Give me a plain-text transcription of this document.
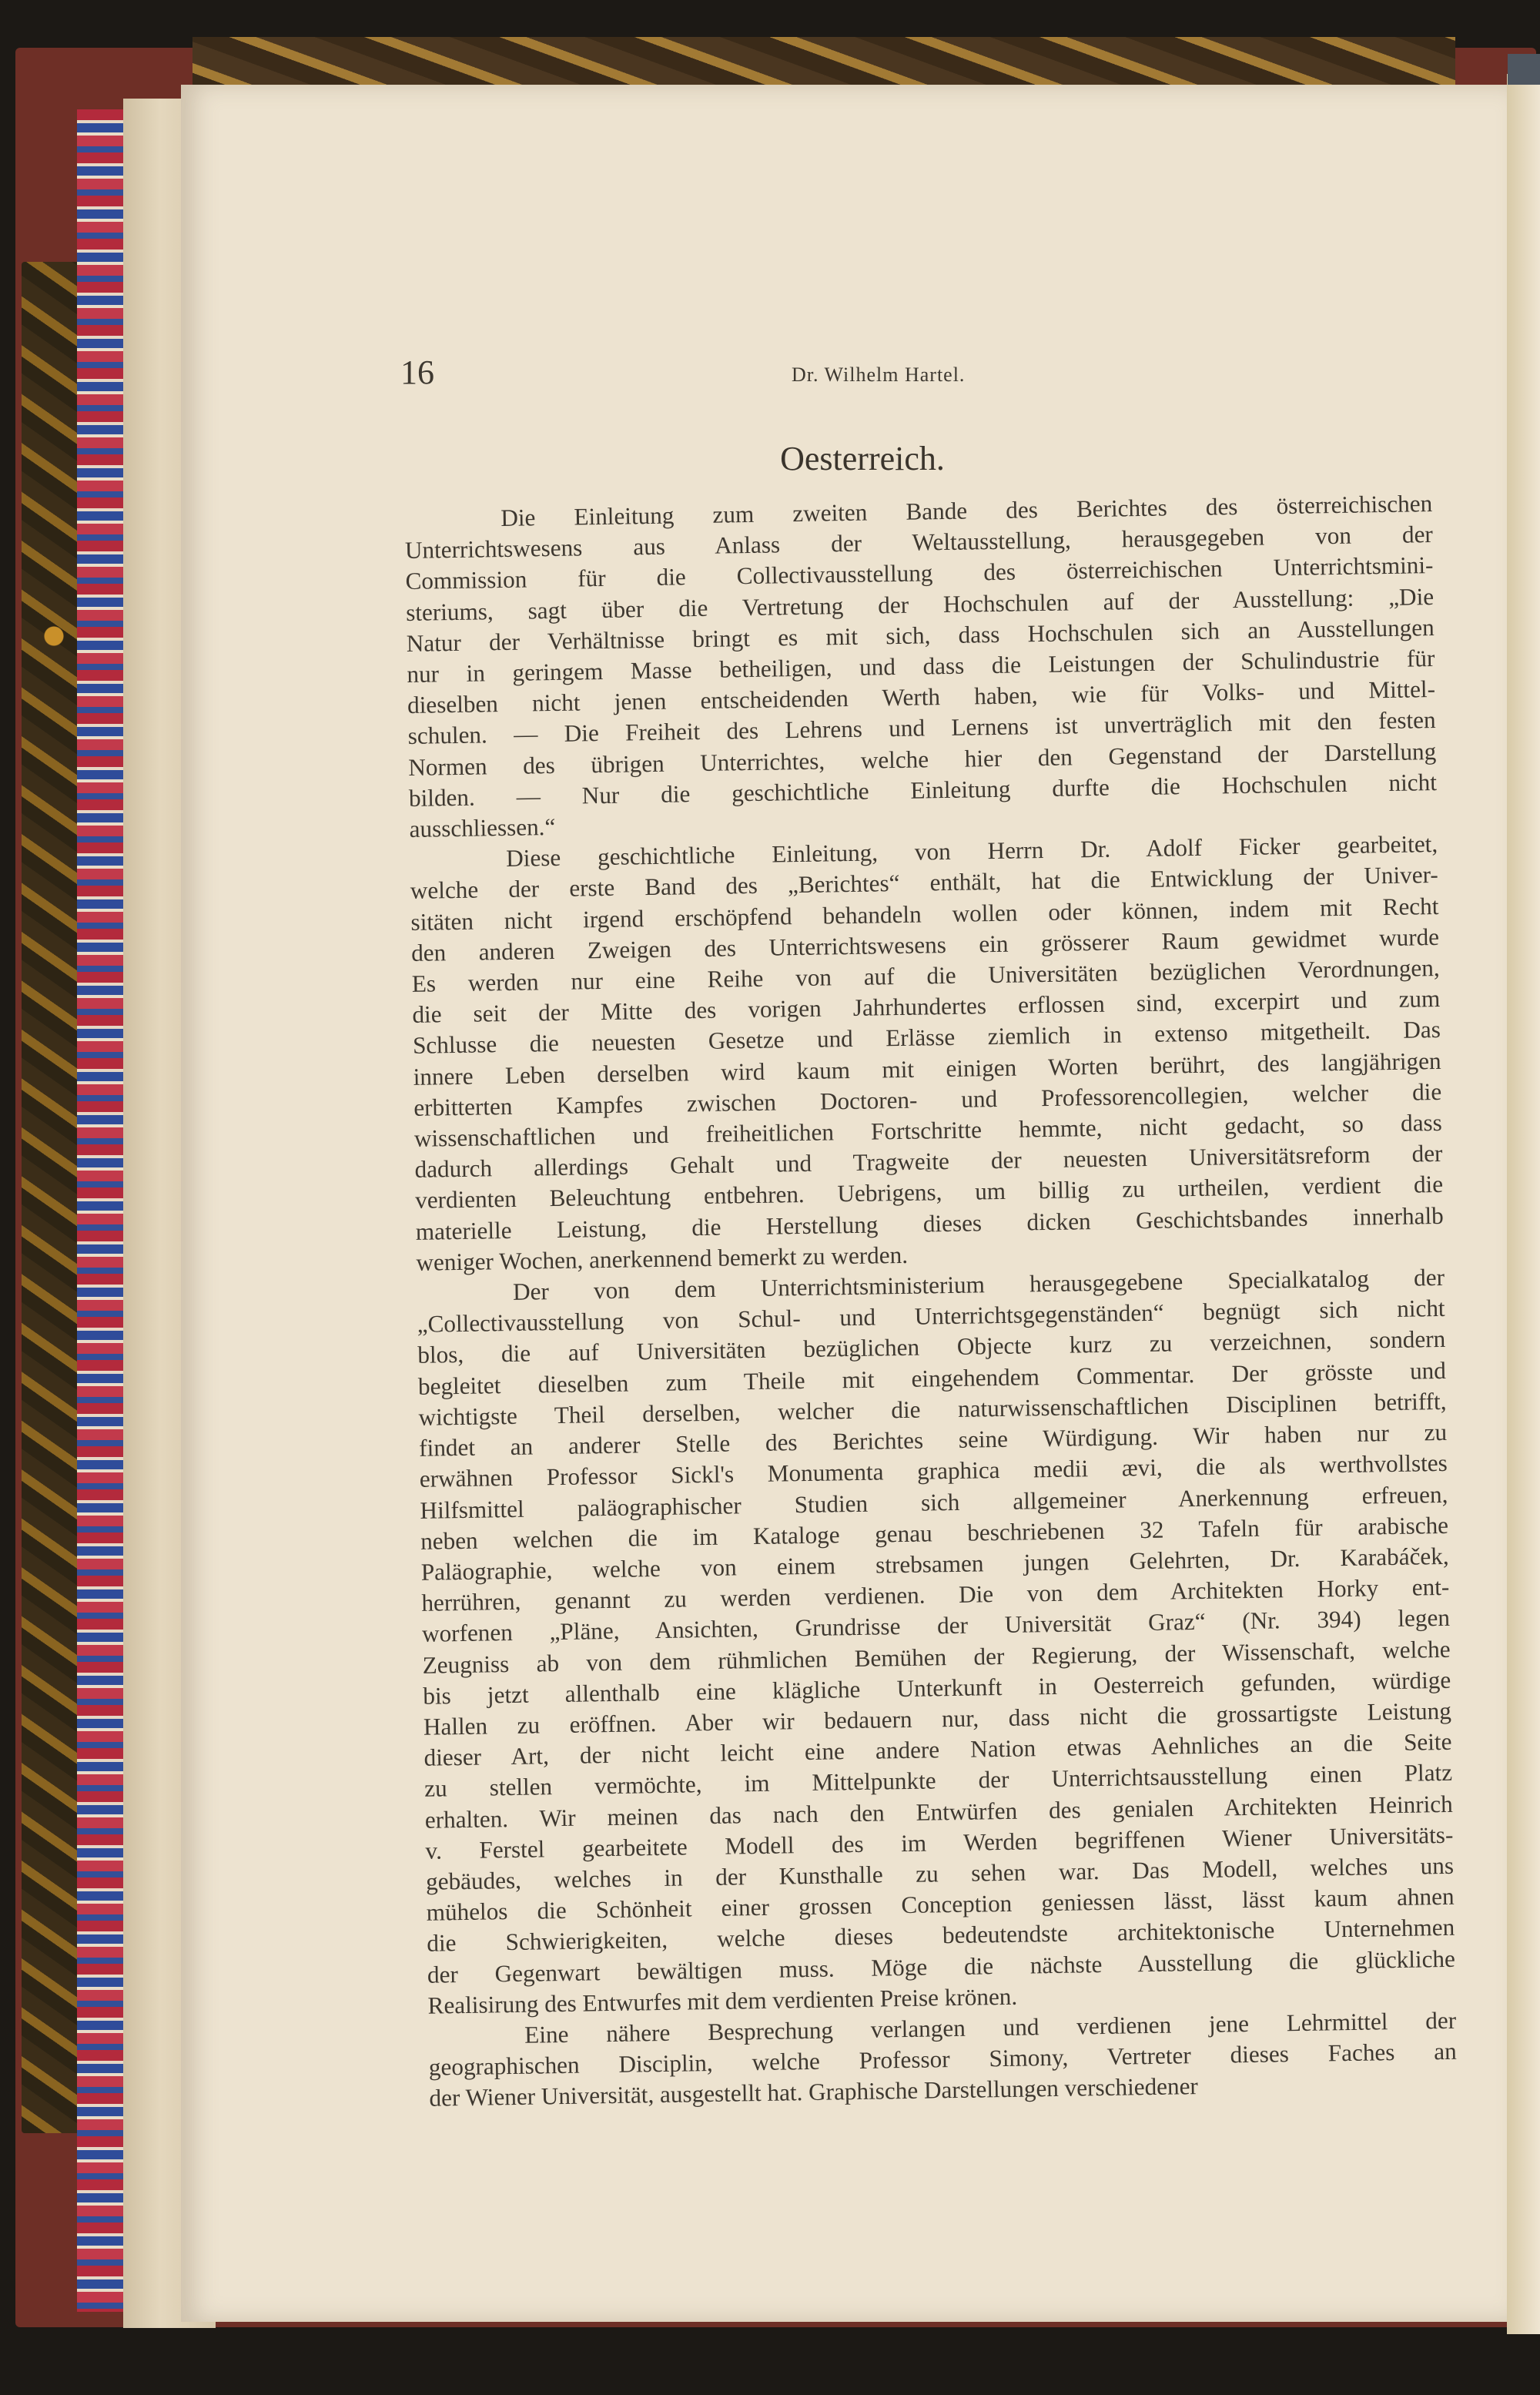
16	Dr. Wilhelm Hartel.
Oesterreich.

Die Einleitung zum zweiten Bande des Berichtes des österreichischen
Unterrichtswesens aus Anlass der Weltausstellung, herausgegeben von der
Commission für die Collectivausstellung des österreichischen Unterrichtsmini-
steriums, sagt über die Vertretung der Hochschulen auf der Ausstellung: „Die
Natur der Verhältnisse bringt es mit sich, dass Hochschulen sich an Ausstellungen
nur in geringem Masse betheiligen, und dass die Leistungen der Schulindustrie für
dieselben nicht jenen entscheidenden Werth haben, wie für Volks- und Mittel-
schulen. — Die Freiheit des Lehrens und Lernens ist unverträglich mit den festen
Normen des übrigen Unterrichtes, welche hier den Gegenstand der Darstellung
bilden. — Nur die geschichtliche Einleitung durfte die Hochschulen nicht
ausschliessen.“

Diese geschichtliche Einleitung, von Herrn Dr. Adolf Ficker gearbeitet,
welche der erste Band des „Berichtes“ enthält, hat die Entwicklung der Univer-
sitäten nicht irgend erschöpfend behandeln wollen oder können, indem mit Recht
den anderen Zweigen des Unterrichtswesens ein grösserer Raum gewidmet wurde
Es werden nur eine Reihe von auf die Universitäten bezüglichen Verordnungen,
die seit der Mitte des vorigen Jahrhundertes erflossen sind, excerpirt und zum
Schlusse die neuesten Gesetze und Erlässe ziemlich in extenso mitgetheilt. Das
innere Leben derselben wird kaum mit einigen Worten berührt, des langjährigen
erbitterten Kampfes zwischen Doctoren- und Professorencollegien, welcher die
wissenschaftlichen und freiheitlichen Fortschritte hemmte, nicht gedacht, so dass
dadurch allerdings Gehalt und Tragweite der neuesten Universitätsreform der
verdienten Beleuchtung entbehren. Uebrigens, um billig zu urtheilen, verdient die
materielle Leistung, die Herstellung dieses dicken Geschichtsbandes innerhalb
weniger Wochen, anerkennend bemerkt zu werden.

Der von dem Unterrichtsministerium herausgegebene Specialkatalog der
„Collectivausstellung von Schul- und Unterrichtsgegenständen“ begnügt sich nicht
blos, die auf Universitäten bezüglichen Objecte kurz zu verzeichnen, sondern
begleitet dieselben zum Theile mit eingehendem Commentar. Der grösste und
wichtigste Theil derselben, welcher die naturwissenschaftlichen Disciplinen betrifft,
findet an anderer Stelle des Berichtes seine Würdigung. Wir haben nur zu
erwähnen Professor Sickl's Monumenta graphica medii ævi, die als werthvollstes
Hilfsmittel paläographischer Studien sich allgemeiner Anerkennung erfreuen,
neben welchen die im Kataloge genau beschriebenen 32 Tafeln für arabische
Paläographie, welche von einem strebsamen jungen Gelehrten, Dr. Karabáček,
herrühren, genannt zu werden verdienen. Die von dem Architekten Horky ent-
worfenen „Pläne, Ansichten, Grundrisse der Universität Graz“ (Nr. 394) legen
Zeugniss ab von dem rühmlichen Bemühen der Regierung, der Wissenschaft, welche
bis jetzt allenthalb eine klägliche Unterkunft in Oesterreich gefunden, würdige
Hallen zu eröffnen. Aber wir bedauern nur, dass nicht die grossartigste Leistung
dieser Art, der nicht leicht eine andere Nation etwas Aehnliches an die Seite
zu stellen vermöchte, im Mittelpunkte der Unterrichtsausstellung einen Platz
erhalten. Wir meinen das nach den Entwürfen des genialen Architekten Heinrich
v. Ferstel gearbeitete Modell des im Werden begriffenen Wiener Universitäts-
gebäudes, welches in der Kunsthalle zu sehen war. Das Modell, welches uns
mühelos die Schönheit einer grossen Conception geniessen lässt, lässt kaum ahnen
die Schwierigkeiten, welche dieses bedeutendste architektonische Unternehmen
der Gegenwart bewältigen muss. Möge die nächste Ausstellung die glückliche
Realisirung des Entwurfes mit dem verdienten Preise krönen.

Eine nähere Besprechung verlangen und verdienen jene Lehrmittel der
geographischen Disciplin, welche Professor Simony, Vertreter dieses Faches an
der Wiener Universität, ausgestellt hat. Graphische Darstellungen verschiedener
